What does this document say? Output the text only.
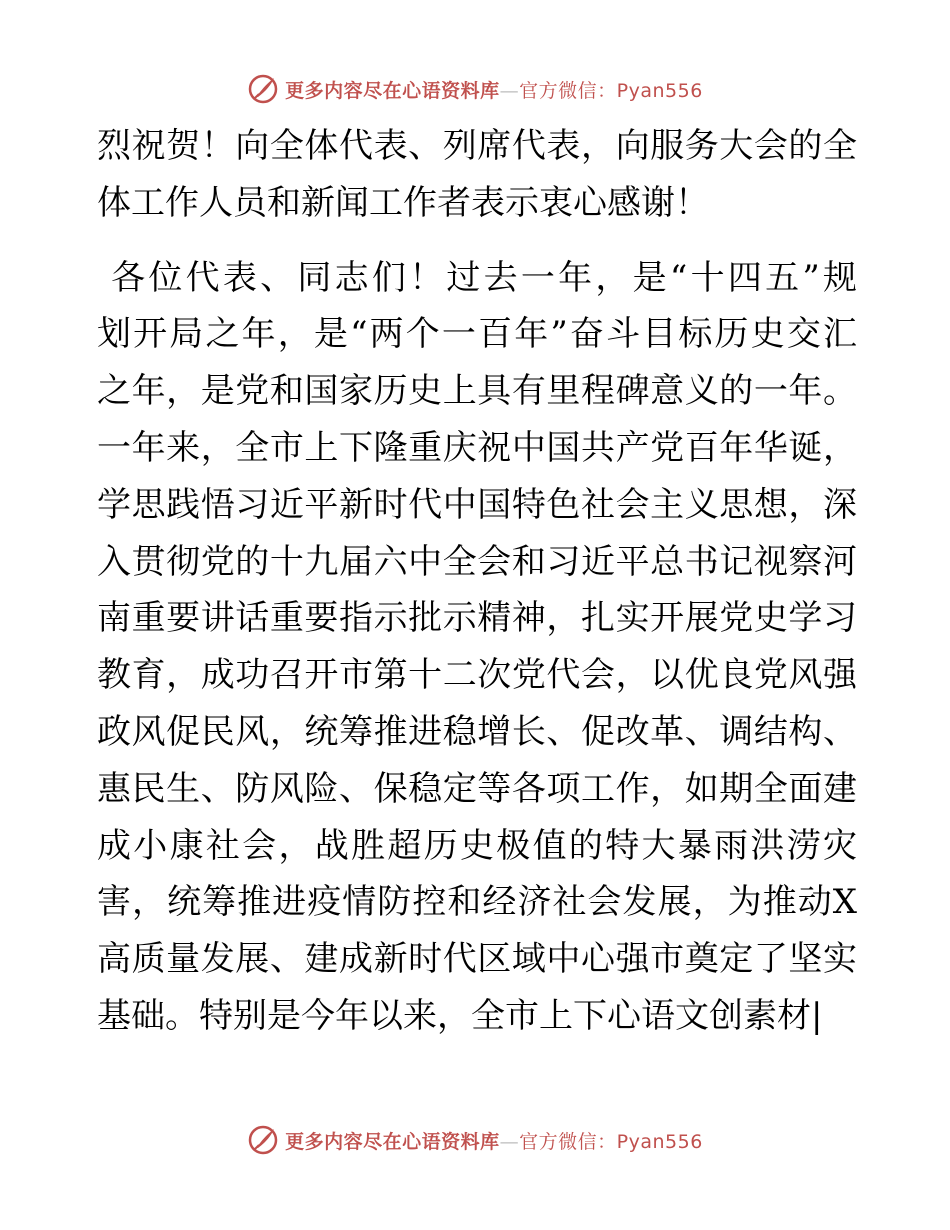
更多内容尽在心语资料库—官方微信：Pyan556
烈祝贺！向全体代表、列席代表，向服务大会的全
体工作人员和新闻工作者表示衷心感谢！
各位代表、同志们！过去一年，是“十四五”规
划开局之年，是“两个一百年”奋斗目标历史交汇
之年，是党和国家历史上具有里程碑意义的一年。
一年来，全市上下隆重庆祝中国共产党百年华诞，
学思践悟习近平新时代中国特色社会主义思想，深
入贯彻党的十九届六中全会和习近平总书记视察河
南重要讲话重要指示批示精神，扎实开展党史学习
教育，成功召开市第十二次党代会，以优良党风强
政风促民风，统筹推进稳增长、促改革、调结构、
惠民生、防风险、保稳定等各项工作，如期全面建
成小康社会，战胜超历史极值的特大暴雨洪涝灾
害，统筹推进疫情防控和经济社会发展，为推动X
高质量发展、建成新时代区域中心强市奠定了坚实
基础。特别是今年以来，全市上下心语文创素材|
更多内容尽在心语资料库—官方微信：Pyan556
